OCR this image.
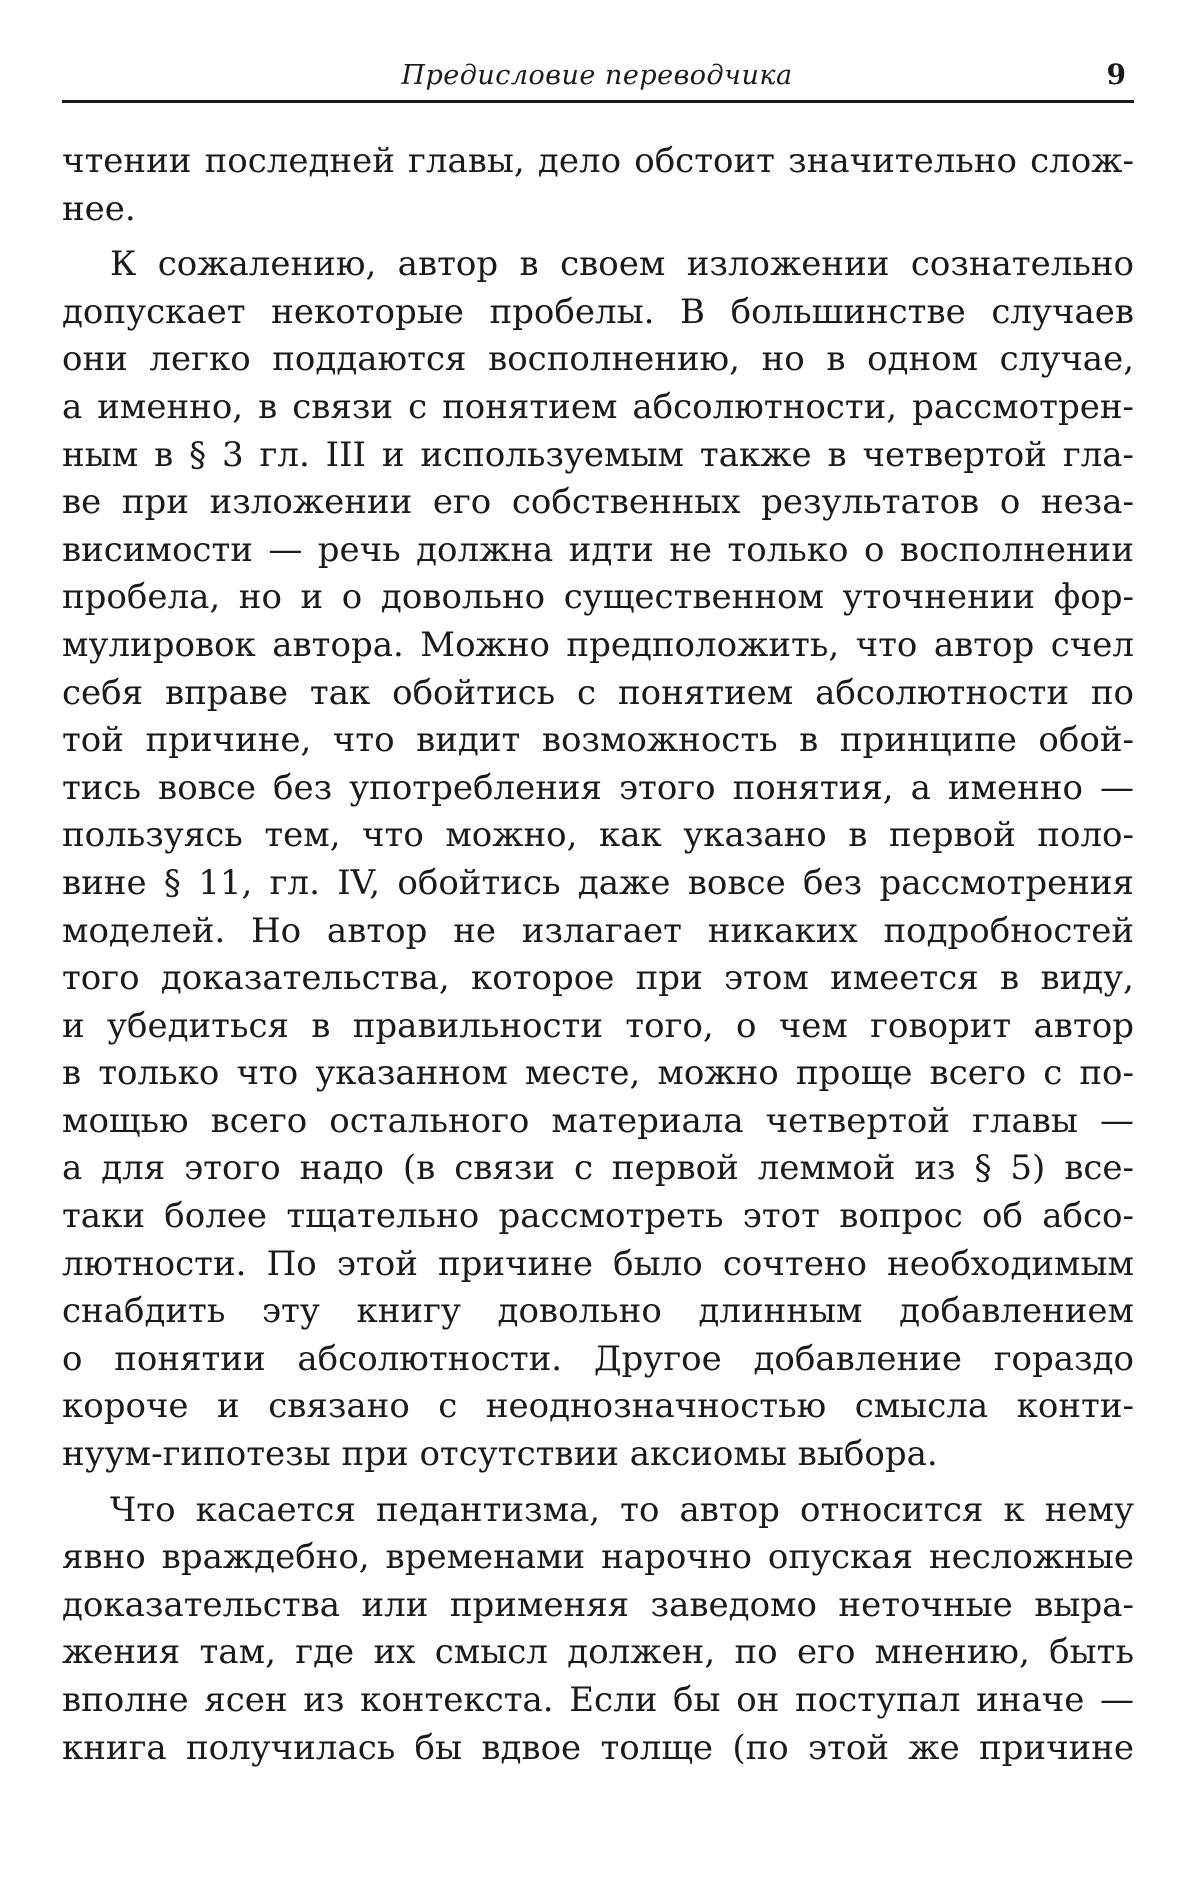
Предисловие переводчика	9
чтении последней главы, дело обстоит значительно слож-
нее.
К сожалению, автор в своем изложении сознательно
допускает некоторые пробелы. В большинстве случаев
они легко поддаются восполнению, но в одном случае,
а именно, в связи с понятием абсолютности, рассмотрен-
ным в § 3 гл. III и используемым также в четвертой гла-
ве при изложении его собственных результатов о неза-
висимости — речь должна идти не только о восполнении
пробела, но и о довольно существенном уточнении фор-
мулировок автора. Можно предположить, что автор счел
себя вправе так обойтись с понятием абсолютности по
той причине, что видит возможность в принципе обой-
тись вовсе без употребления этого понятия, а именно —
пользуясь тем, что можно, как указано в первой поло-
вине § 11, гл. IV, обойтись даже вовсе без рассмотрения
моделей. Но автор не излагает никаких подробностей
того доказательства, которое при этом имеется в виду,
и убедиться в правильности того, о чем говорит автор
в только что указанном месте, можно проще всего с по-
мощью всего остального материала четвертой главы —
а для этого надо (в связи с первой леммой из § 5) все-
таки более тщательно рассмотреть этот вопрос об абсо-
лютности. По этой причине было сочтено необходимым
снабдить эту книгу довольно длинным добавлением
о понятии абсолютности. Другое добавление гораздо
короче и связано с неоднозначностью смысла конти-
нуум-гипотезы при отсутствии аксиомы выбора.
Что касается педантизма, то автор относится к нему
явно враждебно, временами нарочно опуская несложные
доказательства или применяя заведомо неточные выра-
жения там, где их смысл должен, по его мнению, быть
вполне ясен из контекста. Если бы он поступал иначе —
книга получилась бы вдвое толще (по этой же причине
